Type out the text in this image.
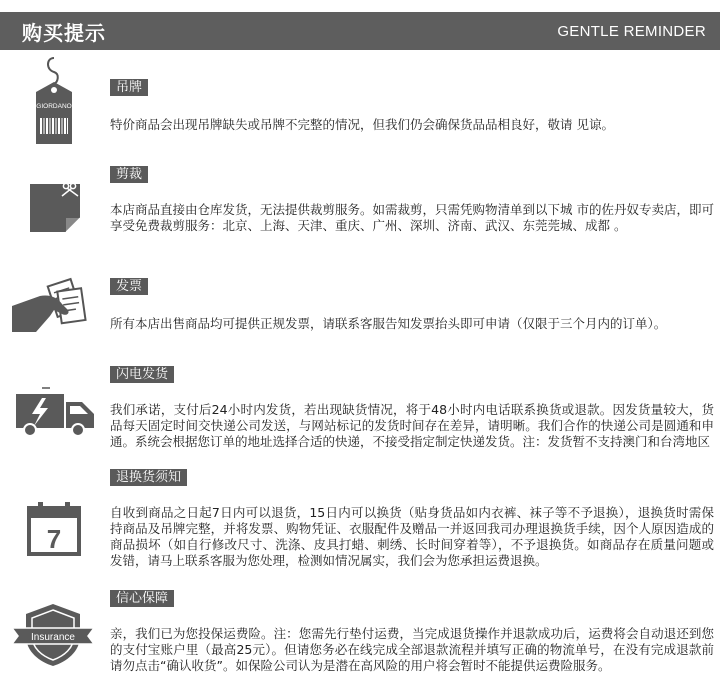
购买提示	GENTLE REMINDER
GIORDANO
吊牌
特价商品会出现吊牌缺失或吊牌不完整的情况，但我们仍会确保货品品相良好，敬请 见谅。
剪裁
本店商品直接由仓库发货，无法提供裁剪服务。如需裁剪，只需凭购物清单到以下城 市的佐丹奴专卖店，即可享受免费裁剪服务：北京、上海、天津、重庆、广州、深圳、济南、武汉、东莞莞城、成都 。
发票
所有本店出售商品均可提供正规发票，请联系客服告知发票抬头即可申请（仅限于三个月内的订单）。
闪电发货
我们承诺，支付后24小时内发货，若出现缺货情况，将于48小时内电话联系换货或退款。因发货量较大，货品每天固定时间交快递公司发送，与网站标记的发货时间存在差异，请明晰。我们合作的快递公司是圆通和申通。系统会根据您订单的地址选择合适的快递，不接受指定制定快递发货。注：发货暂不支持澳门和台湾地区
7
退换货须知
自收到商品之日起7日内可以退货，15日内可以换货（贴身货品如内衣裤、袜子等不予退换），退换货时需保持商品及吊牌完整，并将发票、购物凭证、衣服配件及赠品一并返回我司办理退换货手续，因个人原因造成的商品损坏（如自行修改尺寸、洗涤、皮具打蜡、刺绣、长时间穿着等），不予退换货。如商品存在质量问题或发错，请马上联系客服为您处理，检测如情况属实，我们会为您承担运费退换。
Insurance
信心保障
亲，我们已为您投保运费险。注：您需先行垫付运费，当完成退货操作并退款成功后，运费将会自动退还到您的支付宝账户里（最高25元）。但请您务必在线完成全部退款流程并填写正确的物流单号，在没有完成退款前请勿点击“确认收货”。如保险公司认为是潜在高风险的用户将会暂时不能提供运费险服务。
